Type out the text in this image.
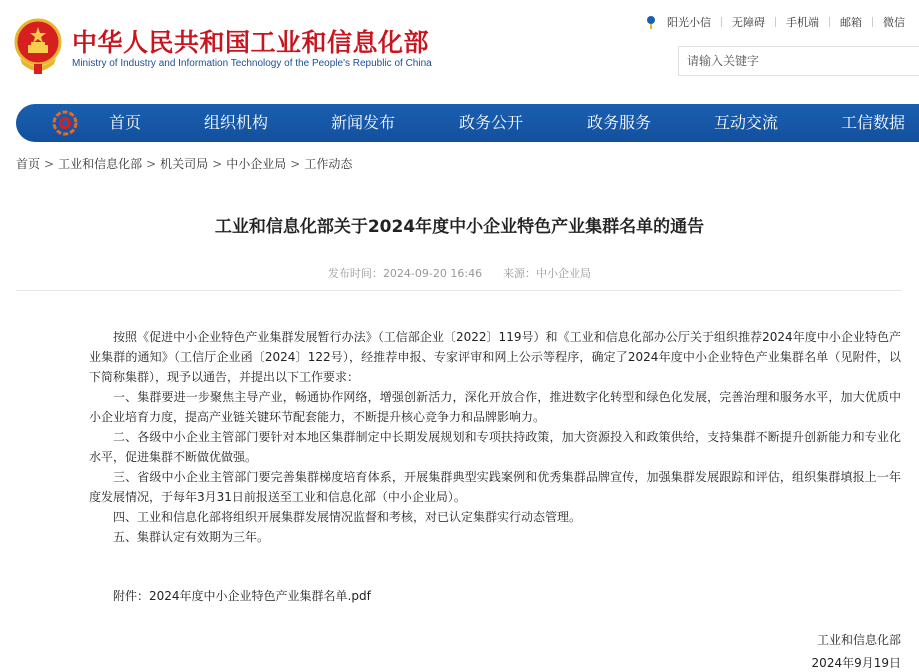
中华人民共和国工业和信息化部
Ministry of Industry and Information Technology of the People's Republic of China
阳光小信 无障碍 手机端 邮箱 微信
请输入关键字
首页	组织机构	新闻发布	政务公开	政务服务	互动交流	工信数据
首页 > 工业和信息化部 > 机关司局 > 中小企业局 > 工作动态
工业和信息化部关于2024年度中小企业特色产业集群名单的通告
发布时间：2024-09-20 16:46 来源：中小企业局

按照《促进中小企业特色产业集群发展暂行办法》（工信部企业〔2022〕119号）和《工业和信息化部办公厅关于组织推荐2024年度中小企业特色产业集群的通知》（工信厅企业函〔2024〕122号），经推荐申报、专家评审和网上公示等程序，确定了2024年度中小企业特色产业集群名单（见附件，以下简称集群），现予以通告，并提出以下工作要求：

一、集群要进一步聚焦主导产业，畅通协作网络，增强创新活力，深化开放合作，推进数字化转型和绿色化发展，完善治理和服务水平，加大优质中小企业培育力度，提高产业链关键环节配套能力，不断提升核心竞争力和品牌影响力。

二、各级中小企业主管部门要针对本地区集群制定中长期发展规划和专项扶持政策，加大资源投入和政策供给，支持集群不断提升创新能力和专业化水平，促进集群不断做优做强。

三、省级中小企业主管部门要完善集群梯度培育体系，开展集群典型实践案例和优秀集群品牌宣传，加强集群发展跟踪和评估，组织集群填报上一年度发展情况，于每年3月31日前报送至工业和信息化部（中小企业局）。

四、工业和信息化部将组织开展集群发展情况监督和考核，对已认定集群实行动态管理。

五、集群认定有效期为三年。

附件：2024年度中小企业特色产业集群名单.pdf
工业和信息化部
2024年9月19日
